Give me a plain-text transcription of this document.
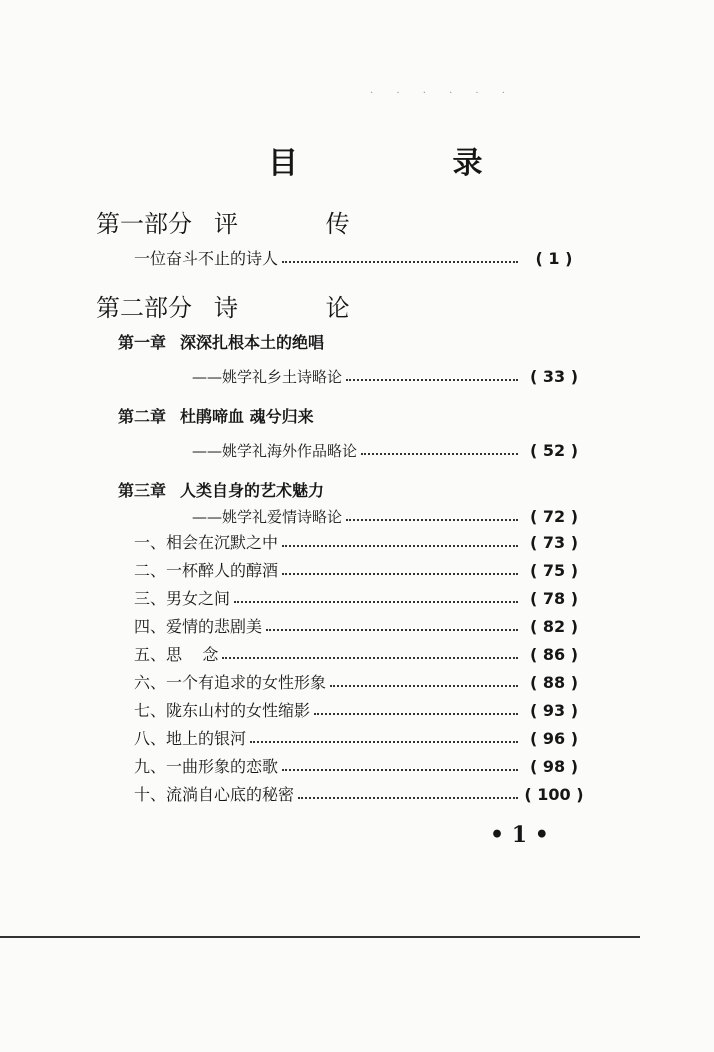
· · · · · ·
目 录
第一部分 评 传
一位奋斗不止的诗人	( 1 )
第二部分 诗 论
第一章 深深扎根本土的绝唱
——姚学礼乡土诗略论	( 33 )
第二章 杜鹃啼血 魂兮归来
——姚学礼海外作品略论	( 52 )
第三章 人类自身的艺术魅力
——姚学礼爱情诗略论	( 72 )
一、相会在沉默之中	( 73 )
二、一杯醉人的醇酒	( 75 )
三、男女之间	( 78 )
四、爱情的悲剧美	( 82 )
五、思    念	( 86 )
六、一个有追求的女性形象	( 88 )
七、陇东山村的女性缩影	( 93 )
八、地上的银河	( 96 )
九、一曲形象的恋歌	( 98 )
十、流淌自心底的秘密	( 100 )
• 1 •
